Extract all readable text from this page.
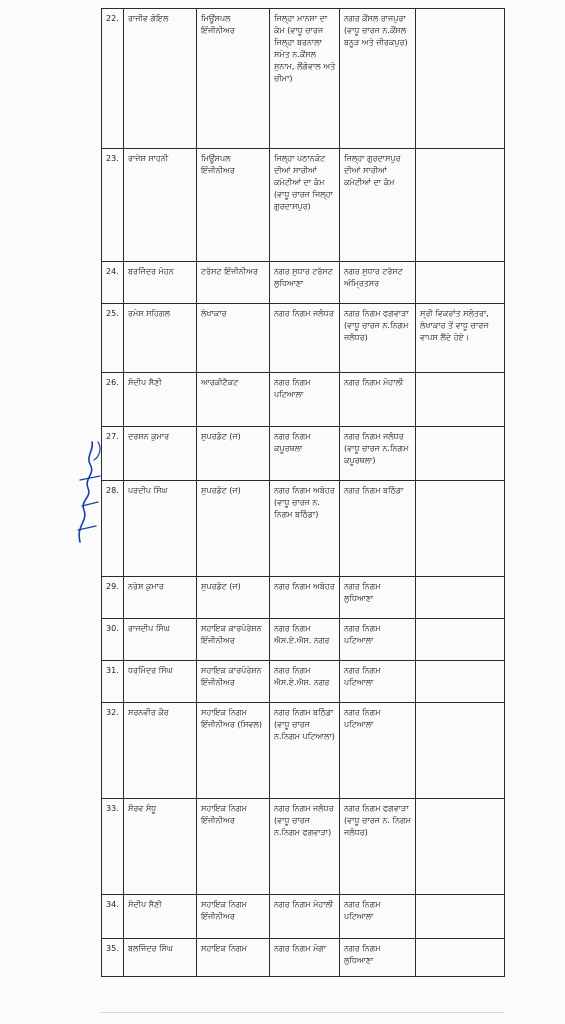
22.	ਰਾਜੀਵ ਗੋਇਲ	ਮਿਊਂਸਪਲ ਇੰਜੀਨੀਅਰ	ਜਿਲ੍ਹਾ ਮਾਨਸਾ ਦਾ ਕੰਮ (ਵਾਧੂ ਚਾਰਜ ਜਿਲ੍ਹਾ ਬਰਨਾਲਾ ਸਮੇਤ ਨ.ਕੌਂਸਲ ਸੁਨਾਮ, ਲੌਂਗੋਵਾਲ ਅਤੇ ਚੀਮਾ)	ਨਗਰ ਕੌਂਸਲ ਰਾਜਪੁਰਾ (ਵਾਧੂ ਚਾਰਜ ਨ.ਕੌਂਸਲ ਬਨੂੜ ਅਤੇ ਜ਼ੀਰਕਪੁਰ)	
23.	ਰਾਜੇਸ਼ ਸਾਹਨੀ	ਮਿਊਂਸਪਲ ਇੰਜੀਨੀਅਰ	ਜਿਲ੍ਹਾ ਪਠਾਨਕੋਟ ਦੀਆਂ ਸਾਰੀਆਂ ਕਮੇਟੀਆਂ ਦਾ ਕੰਮ (ਵਾਧੂ ਚਾਰਜ ਜਿਲ੍ਹਾ ਗੁਰਦਾਸਪੁਰ)	ਜਿਲ੍ਹਾ ਗੁਰਦਾਸਪੁਰ ਦੀਆਂ ਸਾਰੀਆਂ ਕਮੇਟੀਆਂ ਦਾ ਕੰਮ	
24.	ਬਰਜਿੰਦਰ ਮੋਹਨ	ਟਰੱਸਟ ਇੰਜੀਨੀਅਰ	ਨਗਰ ਸੁਧਾਰ ਟਰੱਸਟ ਲੁਧਿਆਣਾ	ਨਗਰ ਸੁਧਾਰ ਟਰੱਸਟ ਅੰਮ੍ਰਿਤਸਰ	
25.	ਰਮੇਸ਼ ਸਹਿਗਲ	ਲੇਖਾਕਾਰ	ਨਗਰ ਨਿਗਮ ਜਲੰਧਰ	ਨਗਰ ਨਿਗਮ ਫਗਵਾੜਾ (ਵਾਧੂ ਚਾਰਜ ਨ.ਨਿਗਮ ਜਲੰਧਰ)	ਸ੍ਰੀ ਵਿਕਰਾਂਤ ਸਲੋਤਰਾ, ਲੇਖਾਕਾਰ ਤੋਂ ਵਾਧੂ ਚਾਰਜ ਵਾਪਸ ਲੈਂਦੇ ਹੋਏ।
26.	ਸੰਦੀਪ ਸੈਣੀ	ਆਰਕੀਟੈਕਟ	ਨਗਰ ਨਿਗਮ ਪਟਿਆਲਾ	ਨਗਰ ਨਿਗਮ ਮੋਹਾਲੀ	
27.	ਦਰਸ਼ਨ ਕੁਮਾਰ	ਸੁਪਰਡੰਟ (ਜ)	ਨਗਰ ਨਿਗਮ ਕਪੂਰਥਲਾ	ਨਗਰ ਨਿਗਮ ਜਲੰਧਰ (ਵਾਧੂ ਚਾਰਜ ਨ.ਨਿਗਮ ਕਪੂਰਥਲਾ)	
28.	ਪਰਦੀਪ ਸਿੰਘ	ਸੁਪਰਡੰਟ (ਜ)	ਨਗਰ ਨਿਗਮ ਅਬੋਹਰ (ਵਾਧੂ ਚਾਰਜ ਨ. ਨਿਗਮ ਬਠਿੰਡਾ)	ਨਗਰ ਨਿਗਮ ਬਠਿੰਡਾ	
29.	ਨਰੇਸ਼ ਕੁਮਾਰ	ਸੁਪਰਡੰਟ (ਜ)	ਨਗਰ ਨਿਗਮ ਅਬੋਹਰ	ਨਗਰ ਨਿਗਮ ਲੁਧਿਆਣਾ	
30.	ਰਾਜਦੀਪ ਸਿੰਘ	ਸਹਾਇਕ ਕਾਰਪੋਰੇਸ਼ਨ ਇੰਜੀਨੀਅਰ	ਨਗਰ ਨਿਗਮ ਐਸ.ਏ.ਐਸ. ਨਗਰ	ਨਗਰ ਨਿਗਮ ਪਟਿਆਲਾ	
31.	ਧਰਮਿੰਦਰ ਸਿੰਘ	ਸਹਾਇਕ ਕਾਰਪੋਰੇਸ਼ਨ ਇੰਜੀਨੀਅਰ	ਨਗਰ ਨਿਗਮ ਐਸ.ਏ.ਐਸ. ਨਗਰ	ਨਗਰ ਨਿਗਮ ਪਟਿਆਲਾ	
32.	ਸਰਨਵੀਰ ਕੌਰ	ਸਹਾਇਕ ਨਿਗਮ ਇੰਜੀਨੀਅਰ (ਸਿਵਲ)	ਨਗਰ ਨਿਗਮ ਬਠਿੰਡਾ (ਵਾਧੂ ਚਾਰਜ ਨ.ਨਿਗਮ ਪਟਿਆਲਾ)	ਨਗਰ ਨਿਗਮ ਪਟਿਆਲਾ	
33.	ਸੌਰਵ ਸੰਧੂ	ਸਹਾਇਕ ਨਿਗਮ ਇੰਜੀਨੀਅਰ	ਨਗਰ ਨਿਗਮ ਜਲੰਧਰ (ਵਾਧੂ ਚਾਰਜ ਨ.ਨਿਗਮ ਫਗਵਾੜਾ)	ਨਗਰ ਨਿਗਮ ਫਗਵਾੜਾ (ਵਾਧੂ ਚਾਰਜ ਨ. ਨਿਗਮ ਜਲੰਧਰ)	
34.	ਸੰਦੀਪ ਸੈਣੀ	ਸਹਾਇਕ ਨਿਗਮ ਇੰਜੀਨੀਅਰ	ਨਗਰ ਨਿਗਮ ਮੋਹਾਲੀ	ਨਗਰ ਨਿਗਮ ਪਟਿਆਲਾ	
35.	ਬਲਜਿੰਦਰ ਸਿੰਘ	ਸਹਾਇਕ ਨਿਗਮ	ਨਗਰ ਨਿਗਮ ਮੋਗਾ	ਨਗਰ ਨਿਗਮ ਲੁਧਿਆਣਾ	
